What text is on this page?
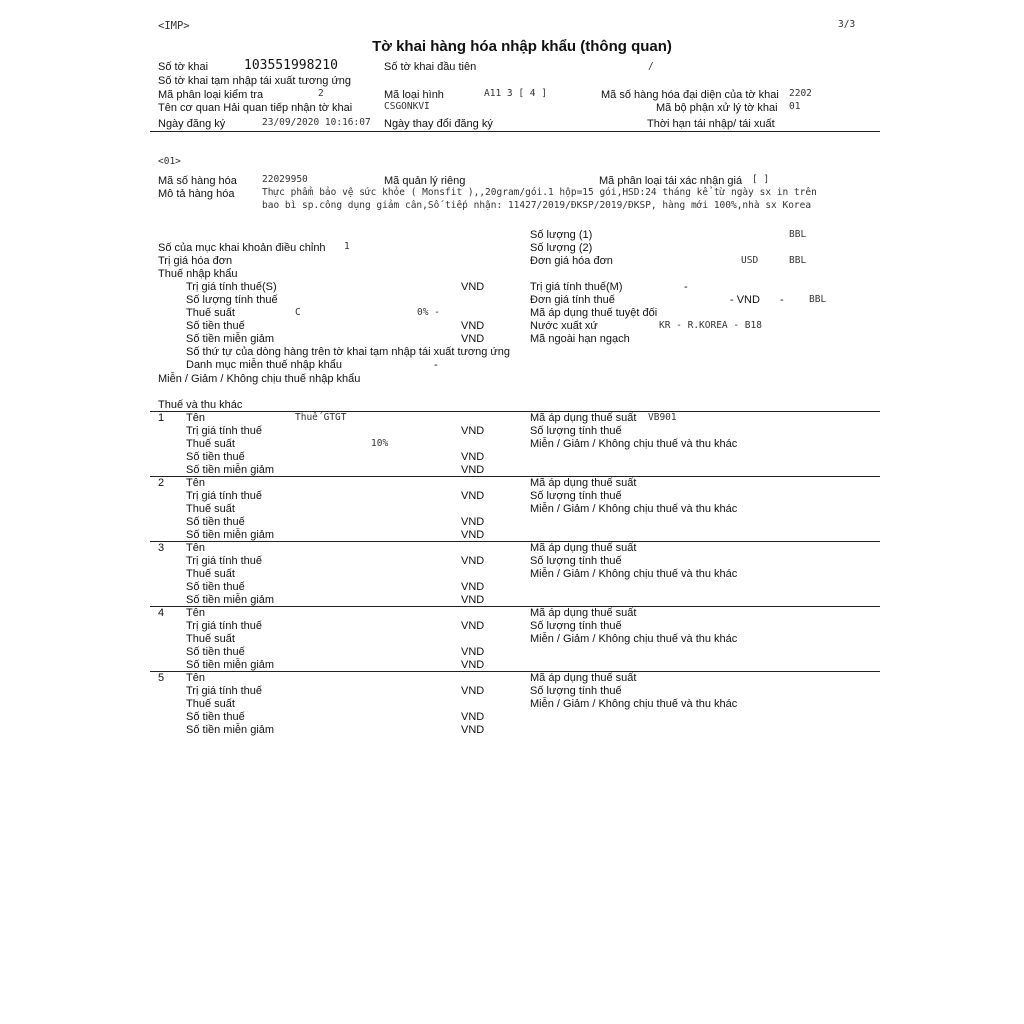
<IMP>	3/3
Tờ khai hàng hóa nhập khẩu (thông quan)
Số tờ khai	103551998210	Số tờ khai đầu tiên	/
Số tờ khai tạm nhập tái xuất tương ứng
Mã phân loại kiểm tra	2	Mã loại hình	A11 3 [ 4 ]	Mã số hàng hóa đại diện của tờ khai 2202
Tên cơ quan Hải quan tiếp nhận tờ khai	CSGONKVI	Mã bộ phận xử lý tờ khai 01
Ngày đăng ký	23/09/2020 10:16:07 Ngày thay đổi đăng ký	Thời hạn tái nhập/ tái xuất
<01>
Mã số hàng hóa	22029950	Mã quản lý riêng	Mã phân loại tái xác nhận giá [ ]
Mô tả hàng hóa	Thực phẩm bảo vệ sức khỏe ( Monsfit ),,20gram/gói.1 hộp=15 gói,HSD:24 tháng kể từ ngày sx in trên
bao bì sp.công dụng giảm cân,Số tiếp nhận: 11427/2019/ĐKSP/2019/ĐKSP, hàng mới 100%,nhà sx Korea
Số lượng (1)	BBL
Số của mục khai khoản điều chỉnh 1	Số lượng (2)
Trị giá hóa đơn	Đơn giá hóa đơn	USD	BBL
Thuế nhập khẩu
Trị giá tính thuế(S)	VND	Trị giá tính thuế(M)	-
Số lượng tính thuế	Đơn giá tính thuế	- VND -	BBL
Thuế suất	C	0% -	Mã áp dụng thuế tuyệt đối
Số tiền thuế	VND	Nước xuất xứ	KR - R.KOREA - B18
Số tiền miễn giảm	VND	Mã ngoài hạn ngạch
Số thứ tự của dòng hàng trên tờ khai tạm nhập tái xuất tương ứng
Danh mục miễn thuế nhập khẩu	-
Miễn / Giảm / Không chịu thuế nhập khẩu
Thuế và thu khác
1 Tên	Thuế GTGT	Mã áp dụng thuế suất VB901
Trị giá tính thuế	VND	Số lượng tính thuế
Thuế suất	10%	Miễn / Giảm / Không chịu thuế và thu khác
Số tiền thuế	VND
Số tiền miễn giảm	VND
2 Tên	Mã áp dụng thuế suất
Trị giá tính thuế	VND	Số lượng tính thuế
Thuế suất	Miễn / Giảm / Không chịu thuế và thu khác
Số tiền thuế	VND
Số tiền miễn giảm	VND
3 Tên	Mã áp dụng thuế suất
Trị giá tính thuế	VND	Số lượng tính thuế
Thuế suất	Miễn / Giảm / Không chịu thuế và thu khác
Số tiền thuế	VND
Số tiền miễn giảm	VND
4 Tên	Mã áp dụng thuế suất
Trị giá tính thuế	VND	Số lượng tính thuế
Thuế suất	Miễn / Giảm / Không chịu thuế và thu khác
Số tiền thuế	VND
Số tiền miễn giảm	VND
5 Tên	Mã áp dụng thuế suất
Trị giá tính thuế	VND	Số lượng tính thuế
Thuế suất	Miễn / Giảm / Không chịu thuế và thu khác
Số tiền thuế	VND
Số tiền miễn giảm	VND
